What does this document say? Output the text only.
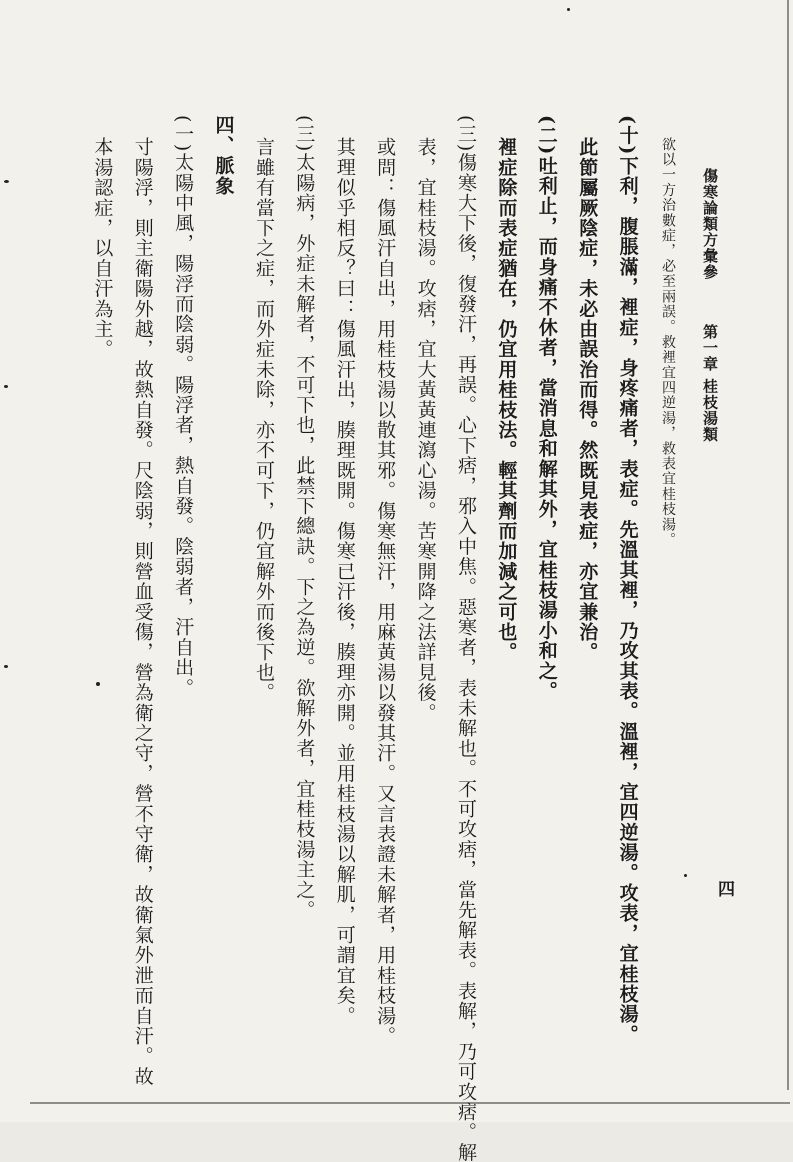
傷寒論類方彙參  第一章 桂枝湯類
四
欲以一方治數症，必至兩誤。救裡宜四逆湯，救表宜桂枝湯。
(十)下利，腹脹滿，裡症，身疼痛者，表症。先溫其裡，乃攻其表。溫裡，宜四逆湯。攻表，宜桂枝湯。
此節屬厥陰症，未必由誤治而得。然既見表症，亦宜兼治。
(二)吐利止，而身痛不休者，當消息和解其外，宜桂枝湯小和之。
裡症除而表症猶在，仍宜用桂枝法。輕其劑而加減之可也。
(三)傷寒大下後，復發汗，再誤。心下痞，邪入中焦。惡寒者，表未解也。不可攻痞，當先解表。表解，乃可攻痞。解
表，宜桂枝湯。攻痞，宜大黃黃連瀉心湯。苦寒開降之法詳見後。
或問：傷風汗自出，用桂枝湯以散其邪。傷寒無汗，用麻黃湯以發其汗。又言表證未解者，用桂枝湯。
其理似乎相反？曰：傷風汗出，腠理既開。傷寒已汗後，腠理亦開。並用桂枝湯以解肌，可謂宜矣。
(三)太陽病，外症未解者，不可下也，此禁下總訣。下之為逆。欲解外者，宜桂枝湯主之。
言雖有當下之症，而外症未除，亦不可下，仍宜解外而後下也。
四、脈象
(一)太陽中風，陽浮而陰弱。陽浮者，熱自發。陰弱者，汗自出。
寸陽浮，則主衛陽外越，故熱自發。尺陰弱，則營血受傷，營為衛之守，營不守衛，故衛氣外泄而自汗。故
本湯認症，以自汗為主。
